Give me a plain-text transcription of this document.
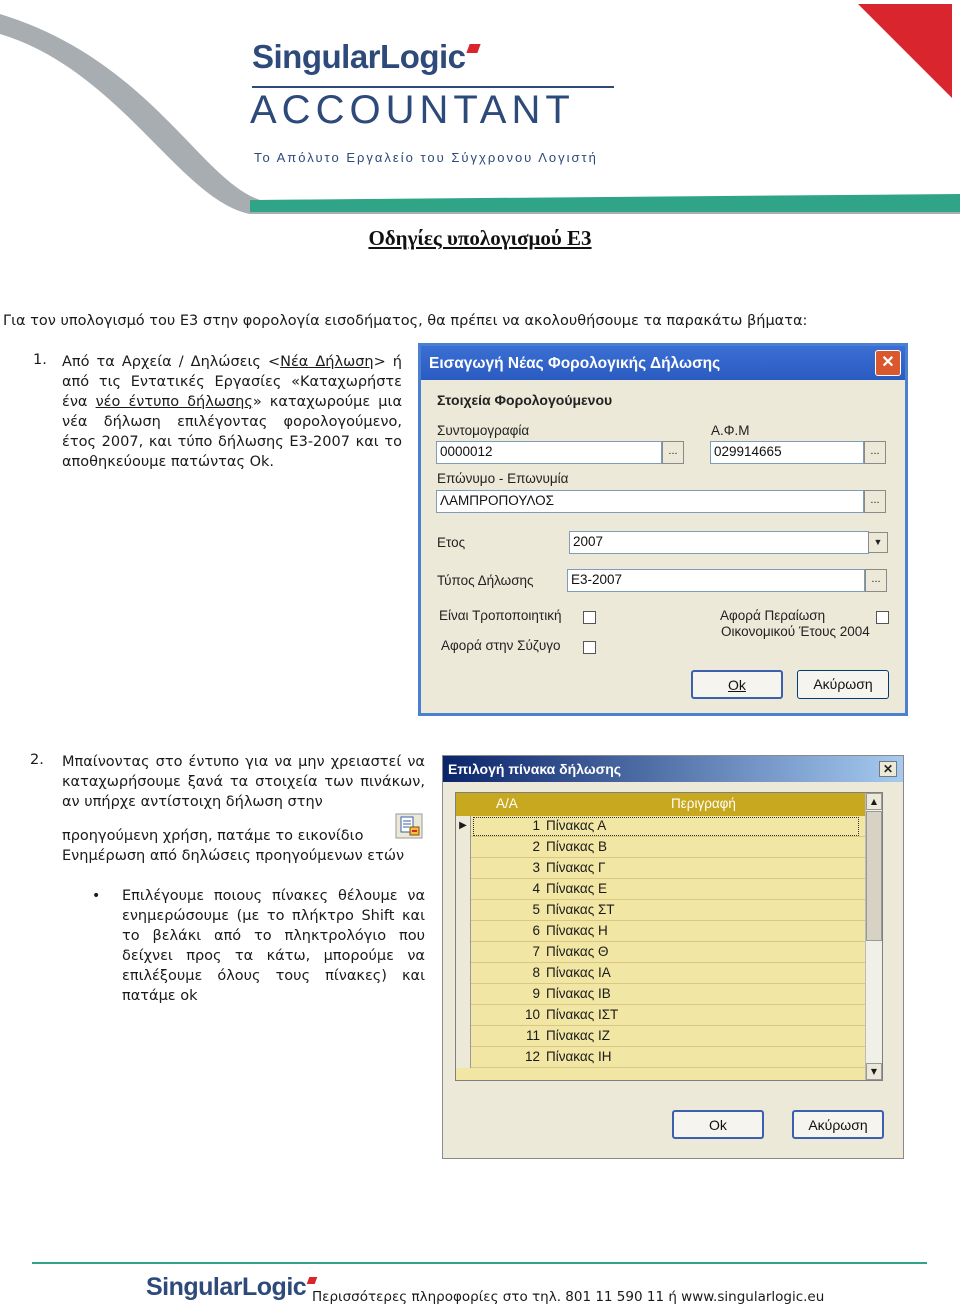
SingularLogic
ACCOUNTANT
Το Απόλυτο Εργαλείο του Σύγχρονου Λογιστή
Οδηγίες υπολογισμού Ε3
Για τον υπολογισμό του Ε3 στην φορολογία εισοδήματος, θα πρέπει να ακολουθήσουμε τα παρακάτω βήματα:
1. Από τα Αρχεία / Δηλώσεις <Νέα Δήλωση> ή από τις Εντατικές Εργασίες «Καταχωρήστε ένα νέο έντυπο δήλωσης» καταχωρούμε μια νέα δήλωση επιλέγοντας φορολογούμενο, έτος 2007, και τύπο δήλωσης Ε3-2007 και το αποθηκεύουμε πατώντας Ok.
Εισαγωγή Νέας Φορολογικής Δήλωσης	✕
Στοιχεία Φορολογούμενου
Συντομογραφία
0000012	...
Α.Φ.Μ
029914665	...
Επώνυμο - Επωνυμία
ΛΑΜΠΡΟΠΟΥΛΟΣ	...
Ετος	2007	▼
Τύπος Δήλωσης	Ε3-2007	...
Είναι Τροποποιητική
Αφορά στην Σύζυγο
Αφορά Περαίωση
Οικονομικού Έτους 2004
Ok	Ακύρωση
2. Μπαίνοντας στο έντυπο για να μην χρειαστεί να καταχωρήσουμε ξανά τα στοιχεία των πινάκων, αν υπήρχε αντίστοιχη δήλωση στην
προηγούμενη χρήση, πατάμε το εικονίδιο
Ενημέρωση από δηλώσεις προηγούμενων ετών
• Επιλέγουμε ποιους πίνακες θέλουμε να ενημερώσουμε (με το πλήκτρο Shift και το βελάκι από το πληκτρολόγιο που δείχνει προς τα κάτω, μπορούμε να επιλέξουμε όλους τους πίνακες) και πατάμε ok
Επιλογή πίνακα δήλωσης	✕
Α/Α	Περιγραφή
▶	1 Πίνακας Α
2 Πίνακας Β
3 Πίνακας Γ
4 Πίνακας Ε
5 Πίνακας ΣΤ
6 Πίνακας Η
7 Πίνακας Θ
8 Πίνακας ΙΑ
9 Πίνακας ΙΒ
10 Πίνακας ΙΣΤ
11 Πίνακας ΙΖ
12 Πίνακας ΙΗ
▲
▼
Ok	Ακύρωση
SingularLogic Περισσότερες πληροφορίες στο τηλ. 801 11 590 11 ή www.singularlogic.eu
